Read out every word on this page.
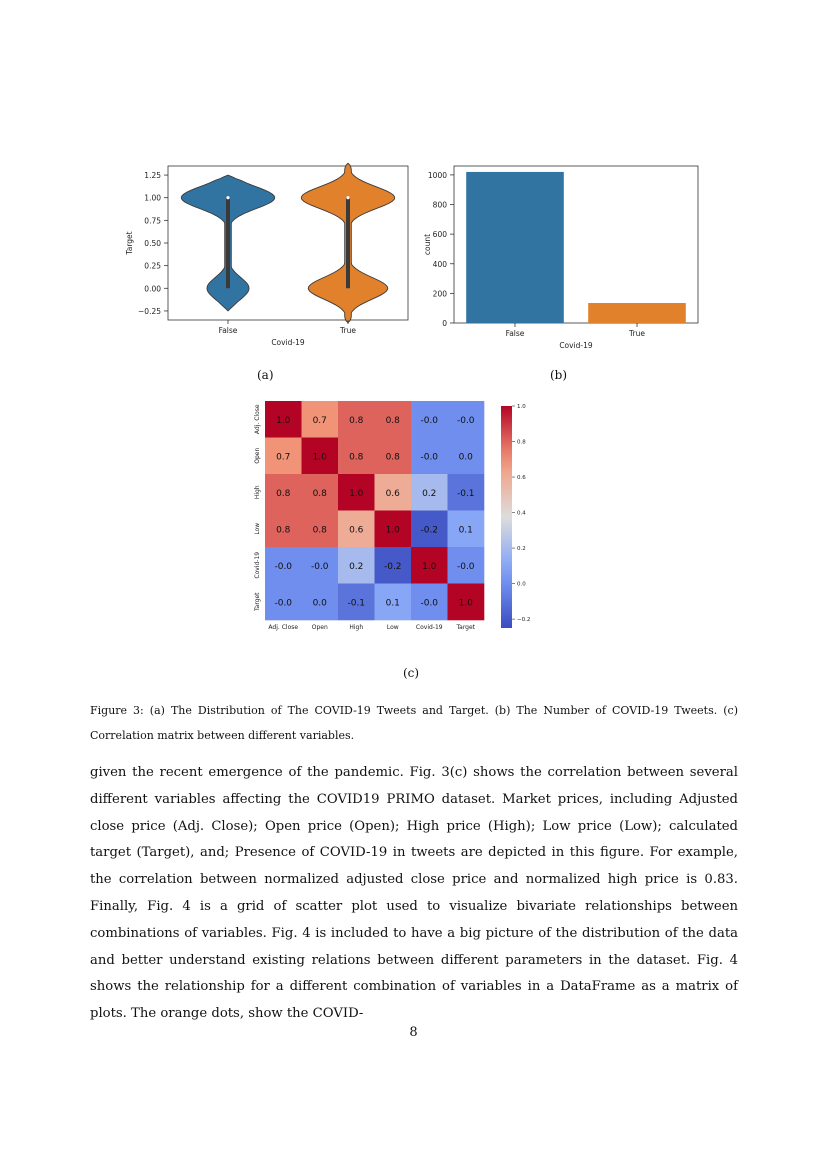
−0.25
0.00
0.25
0.50
0.75
1.00
1.25
False	True
Covid-19
Target
0
200
400
600
800
1000
False	True
Covid-19
count
(a)	(b)
1.0 0.7 0.8 0.8 -0.0 -0.0
0.7 1.0 0.8 0.8 -0.0 0.0
0.8 0.8 1.0 0.6 0.2 -0.1
0.8 0.8 0.6 1.0 -0.2 0.1
-0.0 -0.0 0.2 -0.2 1.0 -0.0
-0.0 0.0 -0.1 0.1 -0.0 1.0
Adj. Close
Adj. Close
Open
Open
High
High
Low
Low
Covid-19
Covid-19
Target
Target
−0.2
0.0
0.2
0.4
0.6
0.8
1.0
(c)
Figure 3: (a) The Distribution of The COVID-19 Tweets and Target. (b) The Number of COVID-19 Tweets. (c) Correlation matrix between different variables.

given the recent emergence of the pandemic. Fig. 3(c) shows the correlation between several different variables affecting the COVID19 PRIMO dataset. Market prices, including Adjusted close price (Adj. Close); Open price (Open); High price (High); Low price (Low); calculated target (Target), and; Presence of COVID-19 in tweets are depicted in this figure. For example, the correlation between normalized adjusted close price and normalized high price is 0.83. Finally, Fig. 4 is a grid of scatter plot used to visualize bivariate relationships between combinations of variables. Fig. 4 is included to have a big picture of the distribution of the data and better understand existing relations between different parameters in the dataset. Fig. 4 shows the relationship for a different combination of variables in a DataFrame as a matrix of plots. The orange dots, show the COVID-

8
